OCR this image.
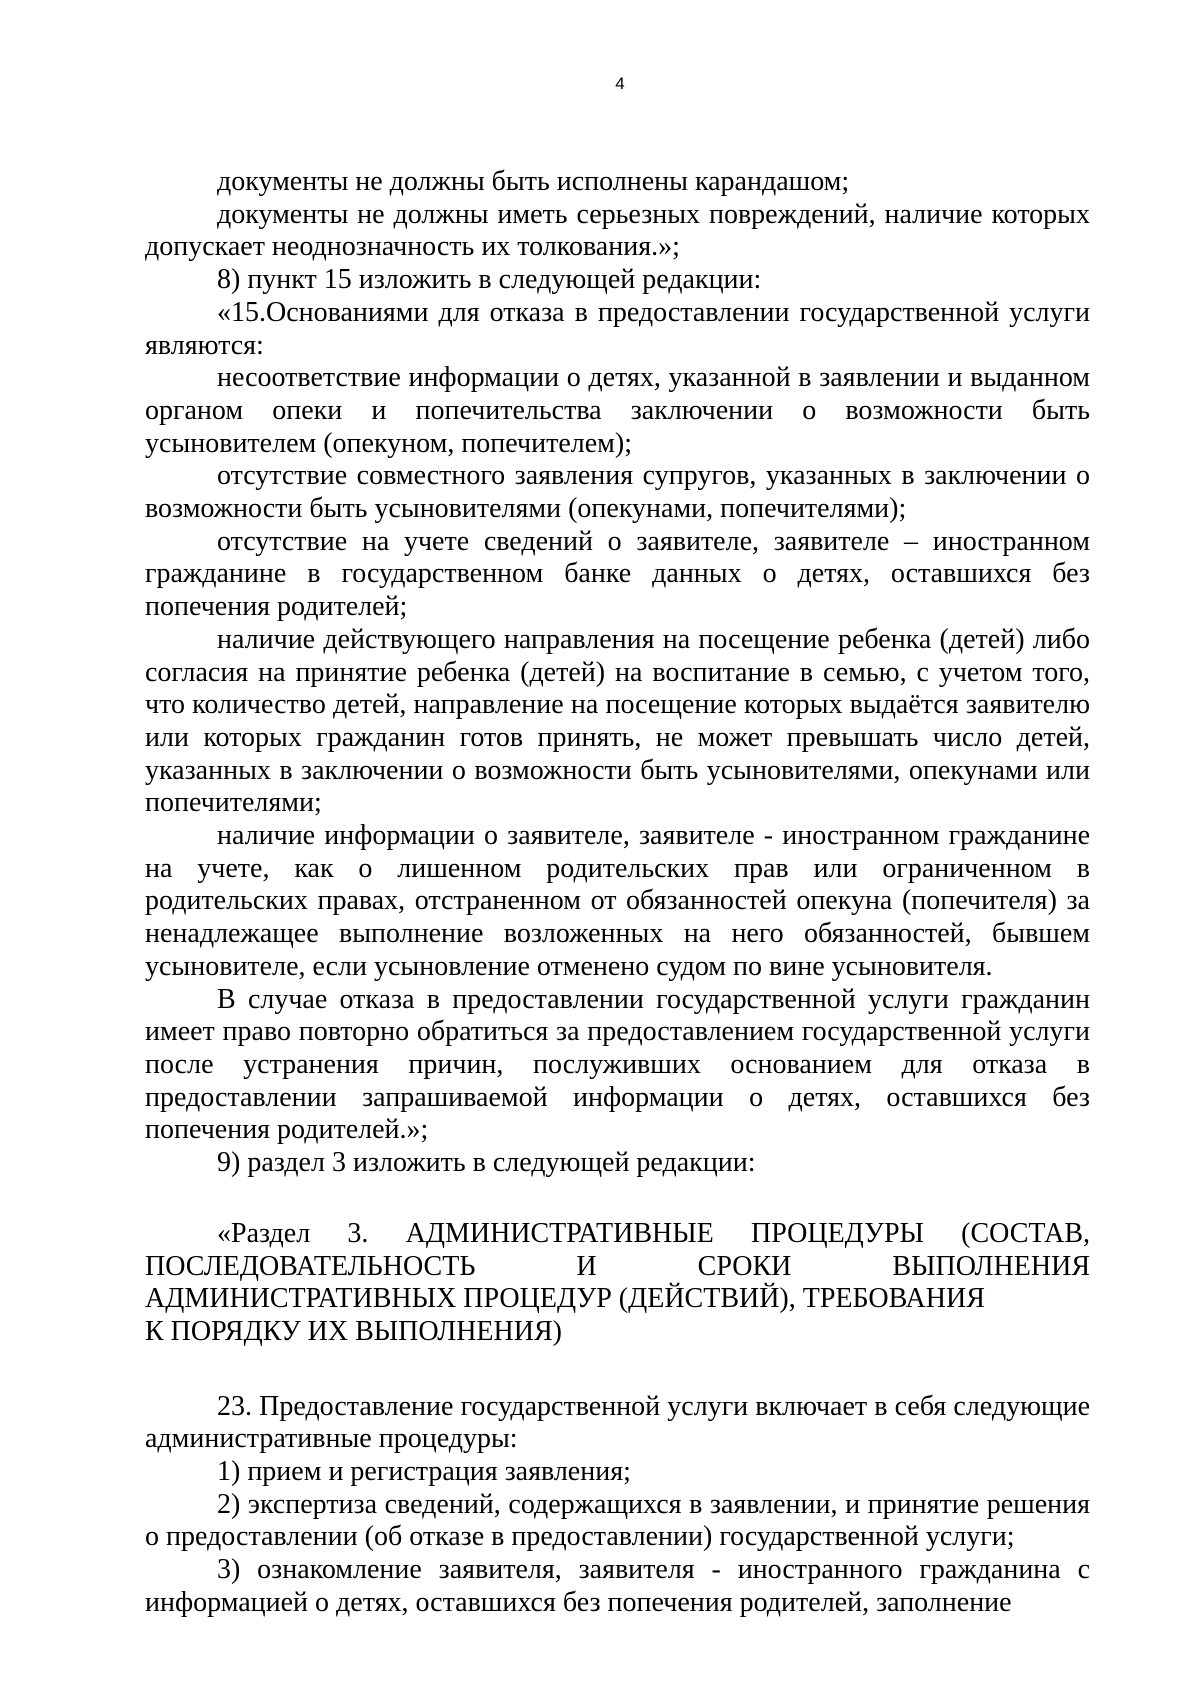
4

документы не должны быть исполнены карандашом;

документы не должны иметь серьезных повреждений, наличие которых допускает неоднозначность их толкования.»;

8) пункт 15 изложить в следующей редакции:

«15.Основаниями для отказа в предоставлении государственной услуги являются:

несоответствие информации о детях, указанной в заявлении и выданном органом опеки и попечительства заключении о возможности быть усыновителем (опекуном, попечителем);

отсутствие совместного заявления супругов, указанных в заключении о возможности быть усыновителями (опекунами, попечителями);

отсутствие на учете сведений о заявителе, заявителе – иностранном гражданине в государственном банке данных о детях, оставшихся без попечения родителей;

наличие действующего направления на посещение ребенка (детей) либо согласия на принятие ребенка (детей) на воспитание в семью, с учетом того, что количество детей, направление на посещение которых выдаётся заявителю или которых гражданин готов принять, не может превышать число детей, указанных в заключении о возможности быть усыновителями, опекунами или попечителями;

наличие информации о заявителе, заявителе - иностранном гражданине на учете, как о лишенном родительских прав или ограниченном в родительских правах, отстраненном от обязанностей опекуна (попечителя) за ненадлежащее выполнение возложенных на него обязанностей, бывшем усыновителе, если усыновление отменено судом по вине усыновителя.

В случае отказа в предоставлении государственной услуги гражданин имеет право повторно обратиться за предоставлением государственной услуги после устранения причин, послуживших основанием для отказа в предоставлении запрашиваемой информации о детях, оставшихся без попечения родителей.»;

9) раздел 3 изложить в следующей редакции:

«Раздел 3. АДМИНИСТРАТИВНЫЕ ПРОЦЕДУРЫ (СОСТАВ, ПОСЛЕДОВАТЕЛЬНОСТЬ И СРОКИ ВЫПОЛНЕНИЯ АДМИНИСТРАТИВНЫХ ПРОЦЕДУР (ДЕЙСТВИЙ), ТРЕБОВАНИЯ
К ПОРЯДКУ ИХ ВЫПОЛНЕНИЯ)

23. Предоставление государственной услуги включает в себя следующие административные процедуры:

1) прием и регистрация заявления;

2) экспертиза сведений, содержащихся в заявлении, и принятие решения о предоставлении (об отказе в предоставлении) государственной услуги;

3) ознакомление заявителя, заявителя - иностранного гражданина с информацией о детях, оставшихся без попечения родителей, заполнение
